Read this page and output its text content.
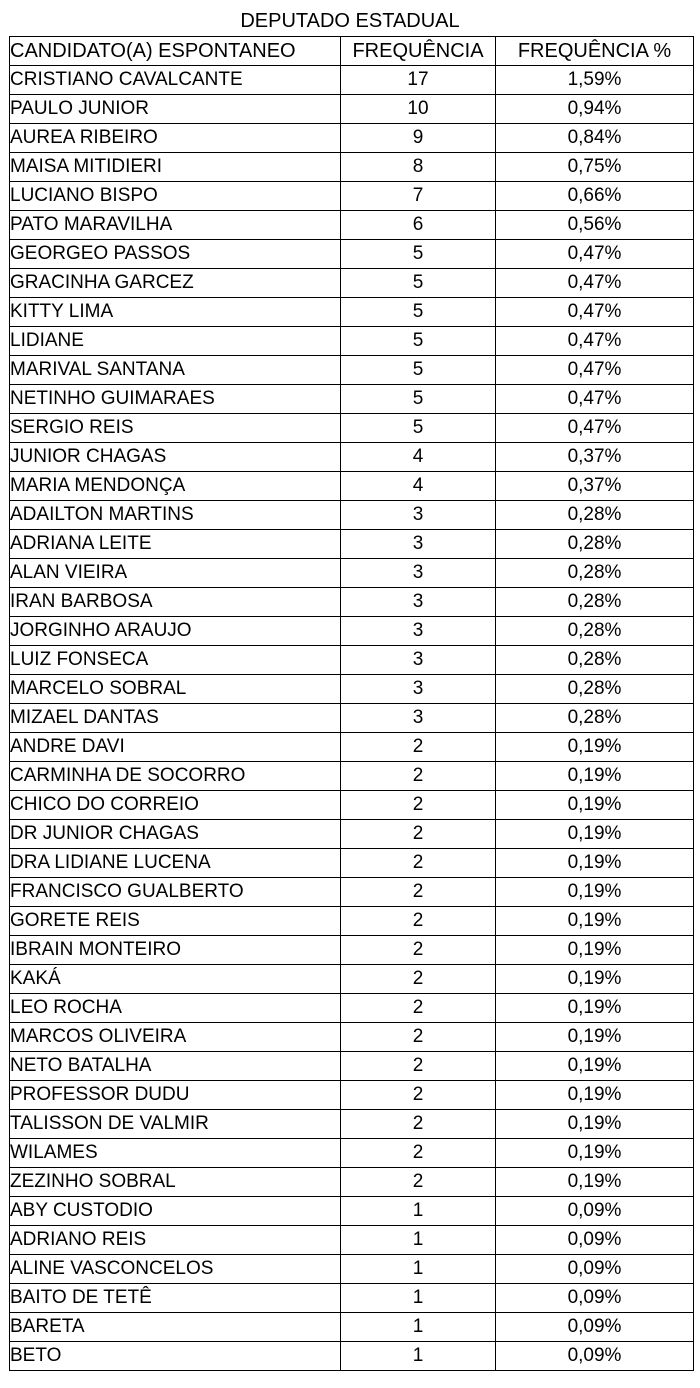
DEPUTADO ESTADUAL
CANDIDATO(A) ESPONTANEO	FREQUÊNCIA	FREQUÊNCIA %
CRISTIANO CAVALCANTE	17	1,59%
PAULO JUNIOR	10	0,94%
AUREA RIBEIRO	9	0,84%
MAISA MITIDIERI	8	0,75%
LUCIANO BISPO	7	0,66%
PATO MARAVILHA	6	0,56%
GEORGEO PASSOS	5	0,47%
GRACINHA GARCEZ	5	0,47%
KITTY LIMA	5	0,47%
LIDIANE	5	0,47%
MARIVAL SANTANA	5	0,47%
NETINHO GUIMARAES	5	0,47%
SERGIO REIS	5	0,47%
JUNIOR CHAGAS	4	0,37%
MARIA MENDONÇA	4	0,37%
ADAILTON MARTINS	3	0,28%
ADRIANA LEITE	3	0,28%
ALAN VIEIRA	3	0,28%
IRAN BARBOSA	3	0,28%
JORGINHO ARAUJO	3	0,28%
LUIZ FONSECA	3	0,28%
MARCELO SOBRAL	3	0,28%
MIZAEL DANTAS	3	0,28%
ANDRE DAVI	2	0,19%
CARMINHA DE SOCORRO	2	0,19%
CHICO DO CORREIO	2	0,19%
DR JUNIOR CHAGAS	2	0,19%
DRA LIDIANE LUCENA	2	0,19%
FRANCISCO GUALBERTO	2	0,19%
GORETE REIS	2	0,19%
IBRAIN MONTEIRO	2	0,19%
KAKÁ	2	0,19%
LEO ROCHA	2	0,19%
MARCOS OLIVEIRA	2	0,19%
NETO BATALHA	2	0,19%
PROFESSOR DUDU	2	0,19%
TALISSON DE VALMIR	2	0,19%
WILAMES	2	0,19%
ZEZINHO SOBRAL	2	0,19%
ABY CUSTODIO	1	0,09%
ADRIANO REIS	1	0,09%
ALINE VASCONCELOS	1	0,09%
BAITO DE TETÊ	1	0,09%
BARETA	1	0,09%
BETO	1	0,09%
